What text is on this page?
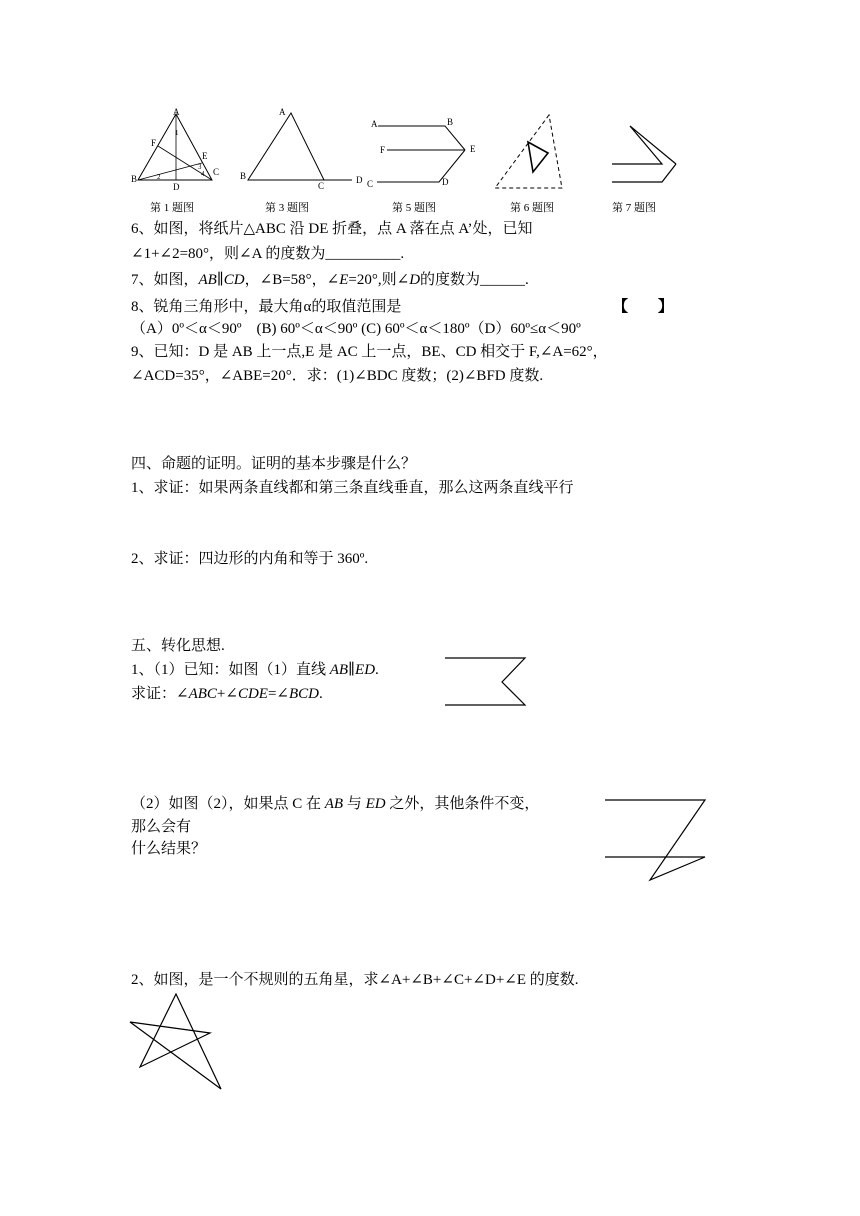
A
B
C
D
E
F
1
2
3
4
第 1 题图
A
B
C
D
第 3 题图
A	B
F	E
C	D
第 5 题图	第 6 题图	第 7 题图
6、如图，将纸片△ABC 沿 DE 折叠，点 A 落在点 A’处，已知
∠1+∠2=80°，则∠A 的度数为__________.
7、如图，AB∥CD，∠B=58°，∠E=20°,则∠D的度数为______.
8、锐角三角形中，最大角α的取值范围是	【　　】
（A）0º＜α＜90º　(B) 60º＜α＜90º (C) 60º＜α＜180º（D）60º≤α＜90º
9、已知：D 是 AB 上一点,E 是 AC 上一点，BE、CD 相交于 F,∠A=62°，
∠ACD=35°，∠ABE=20°．求：(1)∠BDC 度数；(2)∠BFD 度数.
四、命题的证明。证明的基本步骤是什么？
1、求证：如果两条直线都和第三条直线垂直，那么这两条直线平行
2、求证：四边形的内角和等于 360º.
五、转化思想.
1、（1）已知：如图（1）直线 AB∥ED.
求证：∠ABC+∠CDE=∠BCD.
（2）如图（2），如果点 C 在 AB 与 ED 之外，其他条件不变，
那么会有
什么结果？
2、如图，是一个不规则的五角星，求∠A+∠B+∠C+∠D+∠E 的度数.
